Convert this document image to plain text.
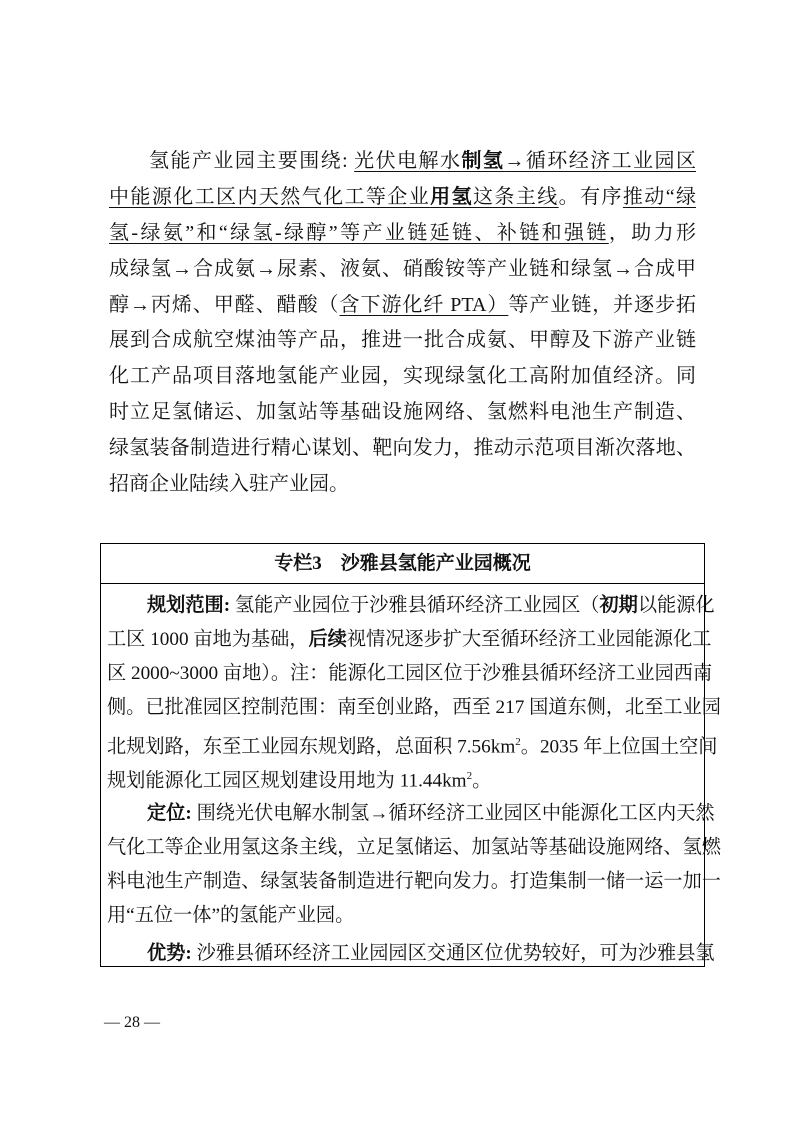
氢能产业园主要围绕: 光伏电解水制氢→循环经济工业园区
中能源化工区内天然气化工等企业用氢这条主线。有序推动“绿
氢-绿氨”和“绿氢-绿醇”等产业链延链、补链和强链，助力形
成绿氢→合成氨→尿素、液氨、硝酸铵等产业链和绿氢→合成甲
醇→丙烯、甲醛、醋酸（含下游化纤 PTA）等产业链，并逐步拓
展到合成航空煤油等产品，推进一批合成氨、甲醇及下游产业链
化工产品项目落地氢能产业园，实现绿氢化工高附加值经济。同
时立足氢储运、加氢站等基础设施网络、氢燃料电池生产制造、
绿氢装备制造进行精心谋划、靶向发力，推动示范项目渐次落地、
招商企业陆续入驻产业园。
专栏3　沙雅县氢能产业园概况
规划范围: 氢能产业园位于沙雅县循环经济工业园区（初期以能源化
工区 1000 亩地为基础，后续视情况逐步扩大至循环经济工业园能源化工
区 2000~3000 亩地）。注：能源化工园区位于沙雅县循环经济工业园西南
侧。已批准园区控制范围：南至创业路，西至 217 国道东侧，北至工业园
北规划路，东至工业园东规划路，总面积 $7.56km^2$。2035 年上位国土空间
规划能源化工园区规划建设用地为 $11.44km^2$。
定位: 围绕光伏电解水制氢→循环经济工业园区中能源化工区内天然
气化工等企业用氢这条主线，立足氢储运、加氢站等基础设施网络、氢燃
料电池生产制造、绿氢装备制造进行靶向发力。打造集制一储一运一加一
用“五位一体”的氢能产业园。
优势: 沙雅县循环经济工业园园区交通区位优势较好，可为沙雅县氢
— 28 —
